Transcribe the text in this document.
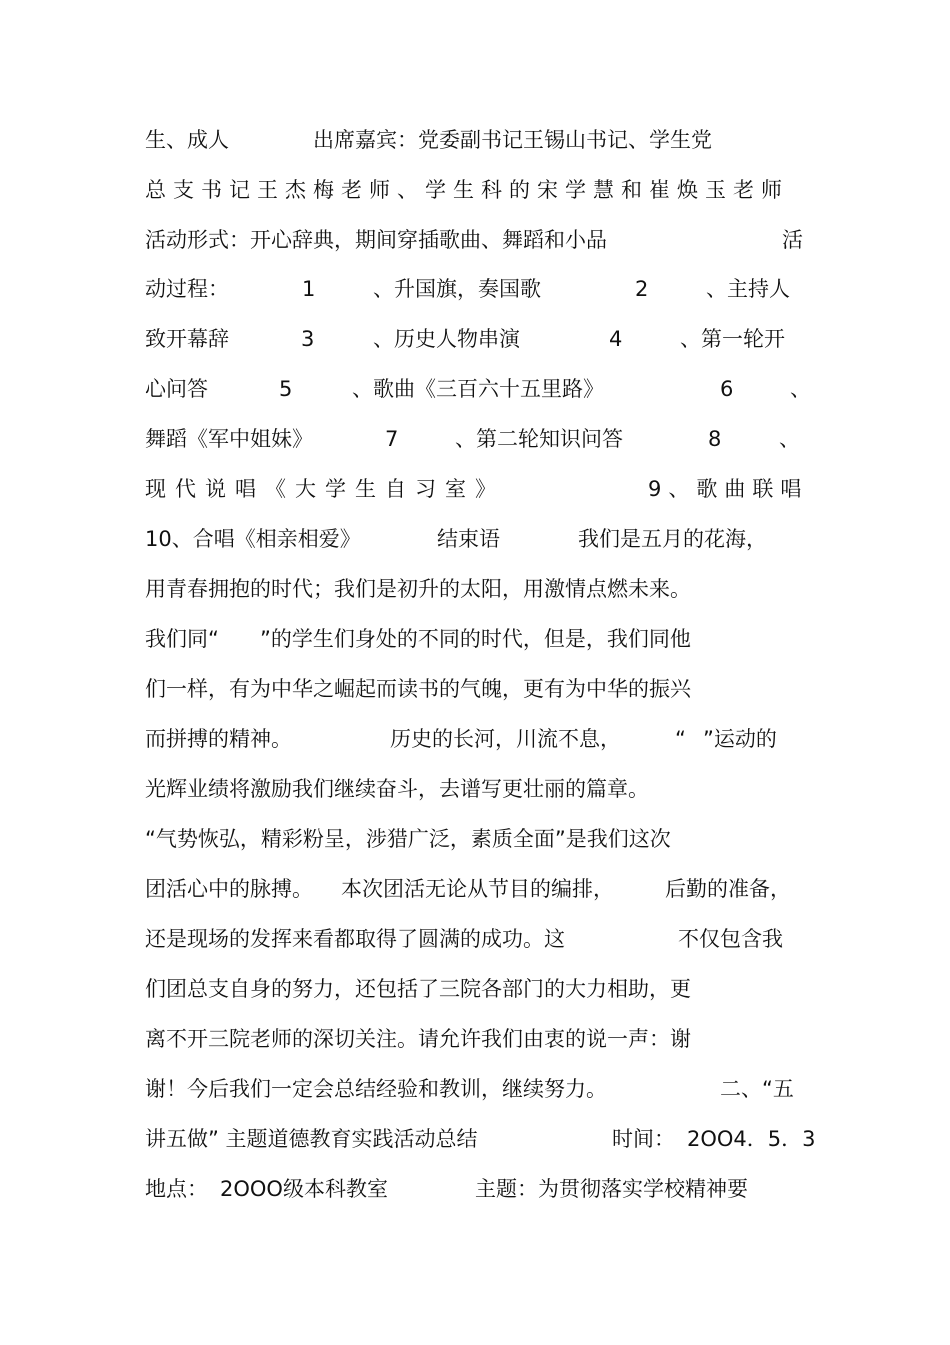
生、成人	出席嘉宾：党委副书记王锡山书记、学生党
总支书记王杰梅老师、学生科的宋学慧和崔焕玉老师
活动形式：开心辞典，期间穿插歌曲、舞蹈和小品	活
动过程：	1	、升国旗，奏国歌	2	、主持人
致开幕辞	3	、历史人物串演	4	、第一轮开
心问答	5	、歌曲《三百六十五里路》	6	、
舞蹈《军中姐妹》	7	、第二轮知识问答	8	、
现代说唱《大学生自习室》	9、歌曲联唱
10、合唱《相亲相爱》	结束语	我们是五月的花海，
用青春拥抱的时代；我们是初升的太阳，用激情点燃未来。
我们同“ ”的学生们身处的不同的时代，但是，我们同他
们一样，有为中华之崛起而读书的气魄，更有为中华的振兴
而拼搏的精神。	历史的长河，川流不息，	“ ”运动的
光辉业绩将激励我们继续奋斗，去谱写更壮丽的篇章。
“气势恢弘，精彩粉呈，涉猎广泛，素质全面”是我们这次
团活心中的脉搏。 本次团活无论从节目的编排， 后勤的准备，
还是现场的发挥来看都取得了圆满的成功。这	不仅包含我
们团总支自身的努力，还包括了三院各部门的大力相助，更
离不开三院老师的深切关注。请允许我们由衷的说一声：谢
谢！今后我们一定会总结经验和教训，继续努力。	二、“五
讲五做” 主题道德教育实践活动总结	时间： 2OO4．5．3
地点： 2OOO级本科教室	主题：为贯彻落实学校精神要
